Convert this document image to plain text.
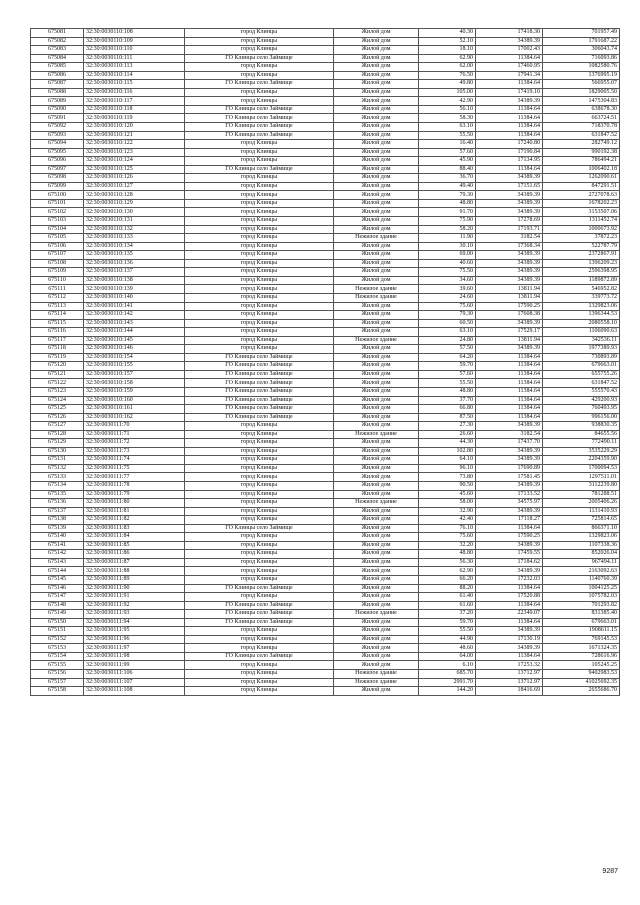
675081	32:30:0030110:108	город Клинцы	Жилой дом	40.30	17418.30	701957.49
675082	32:30:0030110:109	город Клинцы	Жилой дом	52.10	34389.39	1791687.22
675083	32:30:0030110:110	город Клинцы	Жилой дом	18.10	17002.43	306043.74
675084	32:30:0030110:111	ГО Клинцы село Займище	Жилой дом	62.90	11384.64	716093.86
675085	32:30:0030110:113	город Клинцы	Жилой дом	62.00	17460.95	1082580.76
675086	32:30:0030110:114	город Клинцы	Жилой дом	76.50	17941.34	1376995.19
675087	32:30:0030110:115	ГО Клинцы село Займище	Жилой дом	49.80	11384.64	566955.07
675088	32:30:0030110:116	город Клинцы	Жилой дом	105.00	17419.10	1829005.50
675089	32:30:0030110:117	город Клинцы	Жилой дом	42.90	34389.39	1475304.83
675090	32:30:0030110:118	ГО Клинцы село Займище	Жилой дом	56.10	11384.64	638678.30
675091	32:30:0030110:119	ГО Клинцы село Займище	Жилой дом	58.30	11384.64	663724.51
675092	32:30:0030110:120	ГО Клинцы село Займище	Жилой дом	63.10	11384.64	718370.78
675093	32:30:0030110:121	ГО Клинцы село Займище	Жилой дом	55.50	11384.64	631847.52
675094	32:30:0030110:122	город Клинцы	Жилой дом	16.40	17240.80	282749.12
675095	32:30:0030110:123	город Клинцы	Жилой дом	57.60	17190.84	990192.38
675096	32:30:0030110:124	город Клинцы	Жилой дом	45.90	17134.95	786494.21
675097	32:30:0030110:125	ГО Клинцы село Займище	Жилой дом	88.40	11384.64	1006402.18
675098	32:30:0030110:126	город Клинцы	Жилой дом	36.70	34389.39	1262090.61
675099	32:30:0030110:127	город Клинцы	Жилой дом	49.40	17151.65	847291.51
675100	32:30:0030110:128	город Клинцы	Жилой дом	79.30	34389.39	2727078.63
675101	32:30:0030110:129	город Клинцы	Жилой дом	48.80	34389.39	1678202.23
675102	32:30:0030110:130	город Клинцы	Жилой дом	91.70	34389.39	3153507.06
675103	32:30:0030110:131	город Клинцы	Жилой дом	75.90	17278.69	1311452.74
675104	32:30:0030110:132	город Клинцы	Жилой дом	58.20	17193.71	1000673.92
675105	32:30:0030110:133	город Клинцы	Нежилое здание	11.90	3182.54	37872.23
675106	32:30:0030110:134	город Клинцы	Жилой дом	30.10	17368.34	522787.79
675107	32:30:0030110:135	город Клинцы	Жилой дом	69.00	34389.39	2372867.91
675108	32:30:0030110:136	город Клинцы	Жилой дом	40.60	34389.39	1396209.23
675109	32:30:0030110:137	город Клинцы	Жилой дом	75.50	34389.39	2596398.95
675110	32:30:0030110:138	город Клинцы	Жилой дом	34.60	34389.39	1189872.89
675111	32:30:0030110:139	город Клинцы	Нежилое здание	39.60	13811.94	546952.82
675112	32:30:0030110:140	город Клинцы	Нежилое здание	24.60	13811.94	339773.72
675113	32:30:0030110:141	город Клинцы	Жилой дом	75.60	17590.25	1329823.06
675114	32:30:0030110:142	город Клинцы	Жилой дом	79.30	17608.38	1396344.53
675115	32:30:0030110:143	город Клинцы	Жилой дом	60.50	34389.39	2080558.10
675116	32:30:0030110:144	город Клинцы	Жилой дом	63.10	17529.17	1106090.63
675117	32:30:0030110:145	город Клинцы	Нежилое здание	24.80	13811.94	342536.11
675118	32:30:0030110:146	город Клинцы	Жилой дом	57.50	34389.39	1977389.93
675119	32:30:0030110:154	ГО Клинцы село Займище	Жилой дом	64.20	11384.64	730893.89
675120	32:30:0030110:155	ГО Клинцы село Займище	Жилой дом	59.70	11384.64	679663.01
675121	32:30:0030110:157	ГО Клинцы село Займище	Жилой дом	57.60	11384.64	655755.26
675122	32:30:0030110:158	ГО Клинцы село Займище	Жилой дом	55.50	11384.64	631847.52
675123	32:30:0030110:159	ГО Клинцы село Займище	Жилой дом	48.80	11384.64	555570.43
675124	32:30:0030110:160	ГО Клинцы село Займище	Жилой дом	37.70	11384.64	429200.93
675125	32:30:0030110:161	ГО Клинцы село Займище	Жилой дом	66.80	11384.64	760493.95
675126	32:30:0030110:162	ГО Клинцы село Займище	Жилой дом	87.50	11384.64	996156.00
675127	32:30:0030111:70	город Клинцы	Жилой дом	27.30	34389.39	938830.35
675128	32:30:0030111:71	город Клинцы	Нежилое здание	26.60	3182.54	84655.56
675129	32:30:0030111:72	город Клинцы	Жилой дом	44.30	17437.70	772490.11
675130	32:30:0030111:73	город Клинцы	Жилой дом	102.80	34389.39	3535229.29
675131	32:30:0030111:74	город Клинцы	Жилой дом	64.10	34389.39	2204359.90
675132	32:30:0030111:75	город Клинцы	Жилой дом	96.10	17690.89	1700094.53
675133	32:30:0030111:77	город Клинцы	Жилой дом	73.80	17581.45	1297511.01
675134	32:30:0030111:78	город Клинцы	Жилой дом	90.50	34389.39	3112239.80
675135	32:30:0030111:79	город Клинцы	Жилой дом	45.60	17133.52	781288.51
675136	32:30:0030111:80	город Клинцы	Нежилое здание	58.00	34575.97	2005406.26
675137	32:30:0030111:81	город Клинцы	Жилой дом	32.90	34389.39	1131410.93
675138	32:30:0030111:82	город Клинцы	Жилой дом	42.40	17118.27	725814.65
675139	32:30:0030111:83	ГО Клинцы село Займище	Жилой дом	76.10	11384.64	866371.10
675140	32:30:0030111:84	город Клинцы	Жилой дом	75.60	17590.25	1329823.06
675141	32:30:0030111:85	город Клинцы	Жилой дом	32.20	34389.39	1107338.36
675142	32:30:0030111:86	город Клинцы	Жилой дом	48.80	17459.55	852026.04
675143	32:30:0030111:87	город Клинцы	Жилой дом	56.30	17184.62	967494.11
675144	32:30:0030111:88	город Клинцы	Жилой дом	62.90	34389.39	2163092.63
675145	32:30:0030111:89	город Клинцы	Жилой дом	66.20	17232.03	1140760.39
675146	32:30:0030111:90	ГО Клинцы село Займище	Жилой дом	88.20	11384.64	1004125.25
675147	32:30:0030111:91	город Клинцы	Жилой дом	61.40	17520.88	1075782.03
675148	32:30:0030111:92	ГО Клинцы село Займище	Жилой дом	61.60	11384.64	701293.82
675149	32:30:0030111:93	ГО Клинцы село Займище	Нежилое здание	37.20	22349.07	831385.40
675150	32:30:0030111:94	ГО Клинцы село Займище	Жилой дом	59.70	11384.64	679663.01
675151	32:30:0030111:95	город Клинцы	Жилой дом	55.50	34389.39	1908611.15
675152	32:30:0030111:96	город Клинцы	Жилой дом	44.90	17130.19	769145.53
675153	32:30:0030111:97	город Клинцы	Жилой дом	48.60	34389.39	1671324.35
675154	32:30:0030111:98	ГО Клинцы село Займище	Жилой дом	64.00	11384.64	728616.96
675155	32:30:0030111:99	город Клинцы	Жилой дом	6.10	17253.32	105245.25
675156	32:30:0030111:106	город Клинцы	Нежилое здание	685.70	13712.97	9402983.53
675157	32:30:0030111:107	город Клинцы	Нежилое здание	2991.70	13712.97	41025692.35
675158	32:30:0030111:108	город Клинцы	Жилой дом	144.20	18416.69	2655686.70
9287
